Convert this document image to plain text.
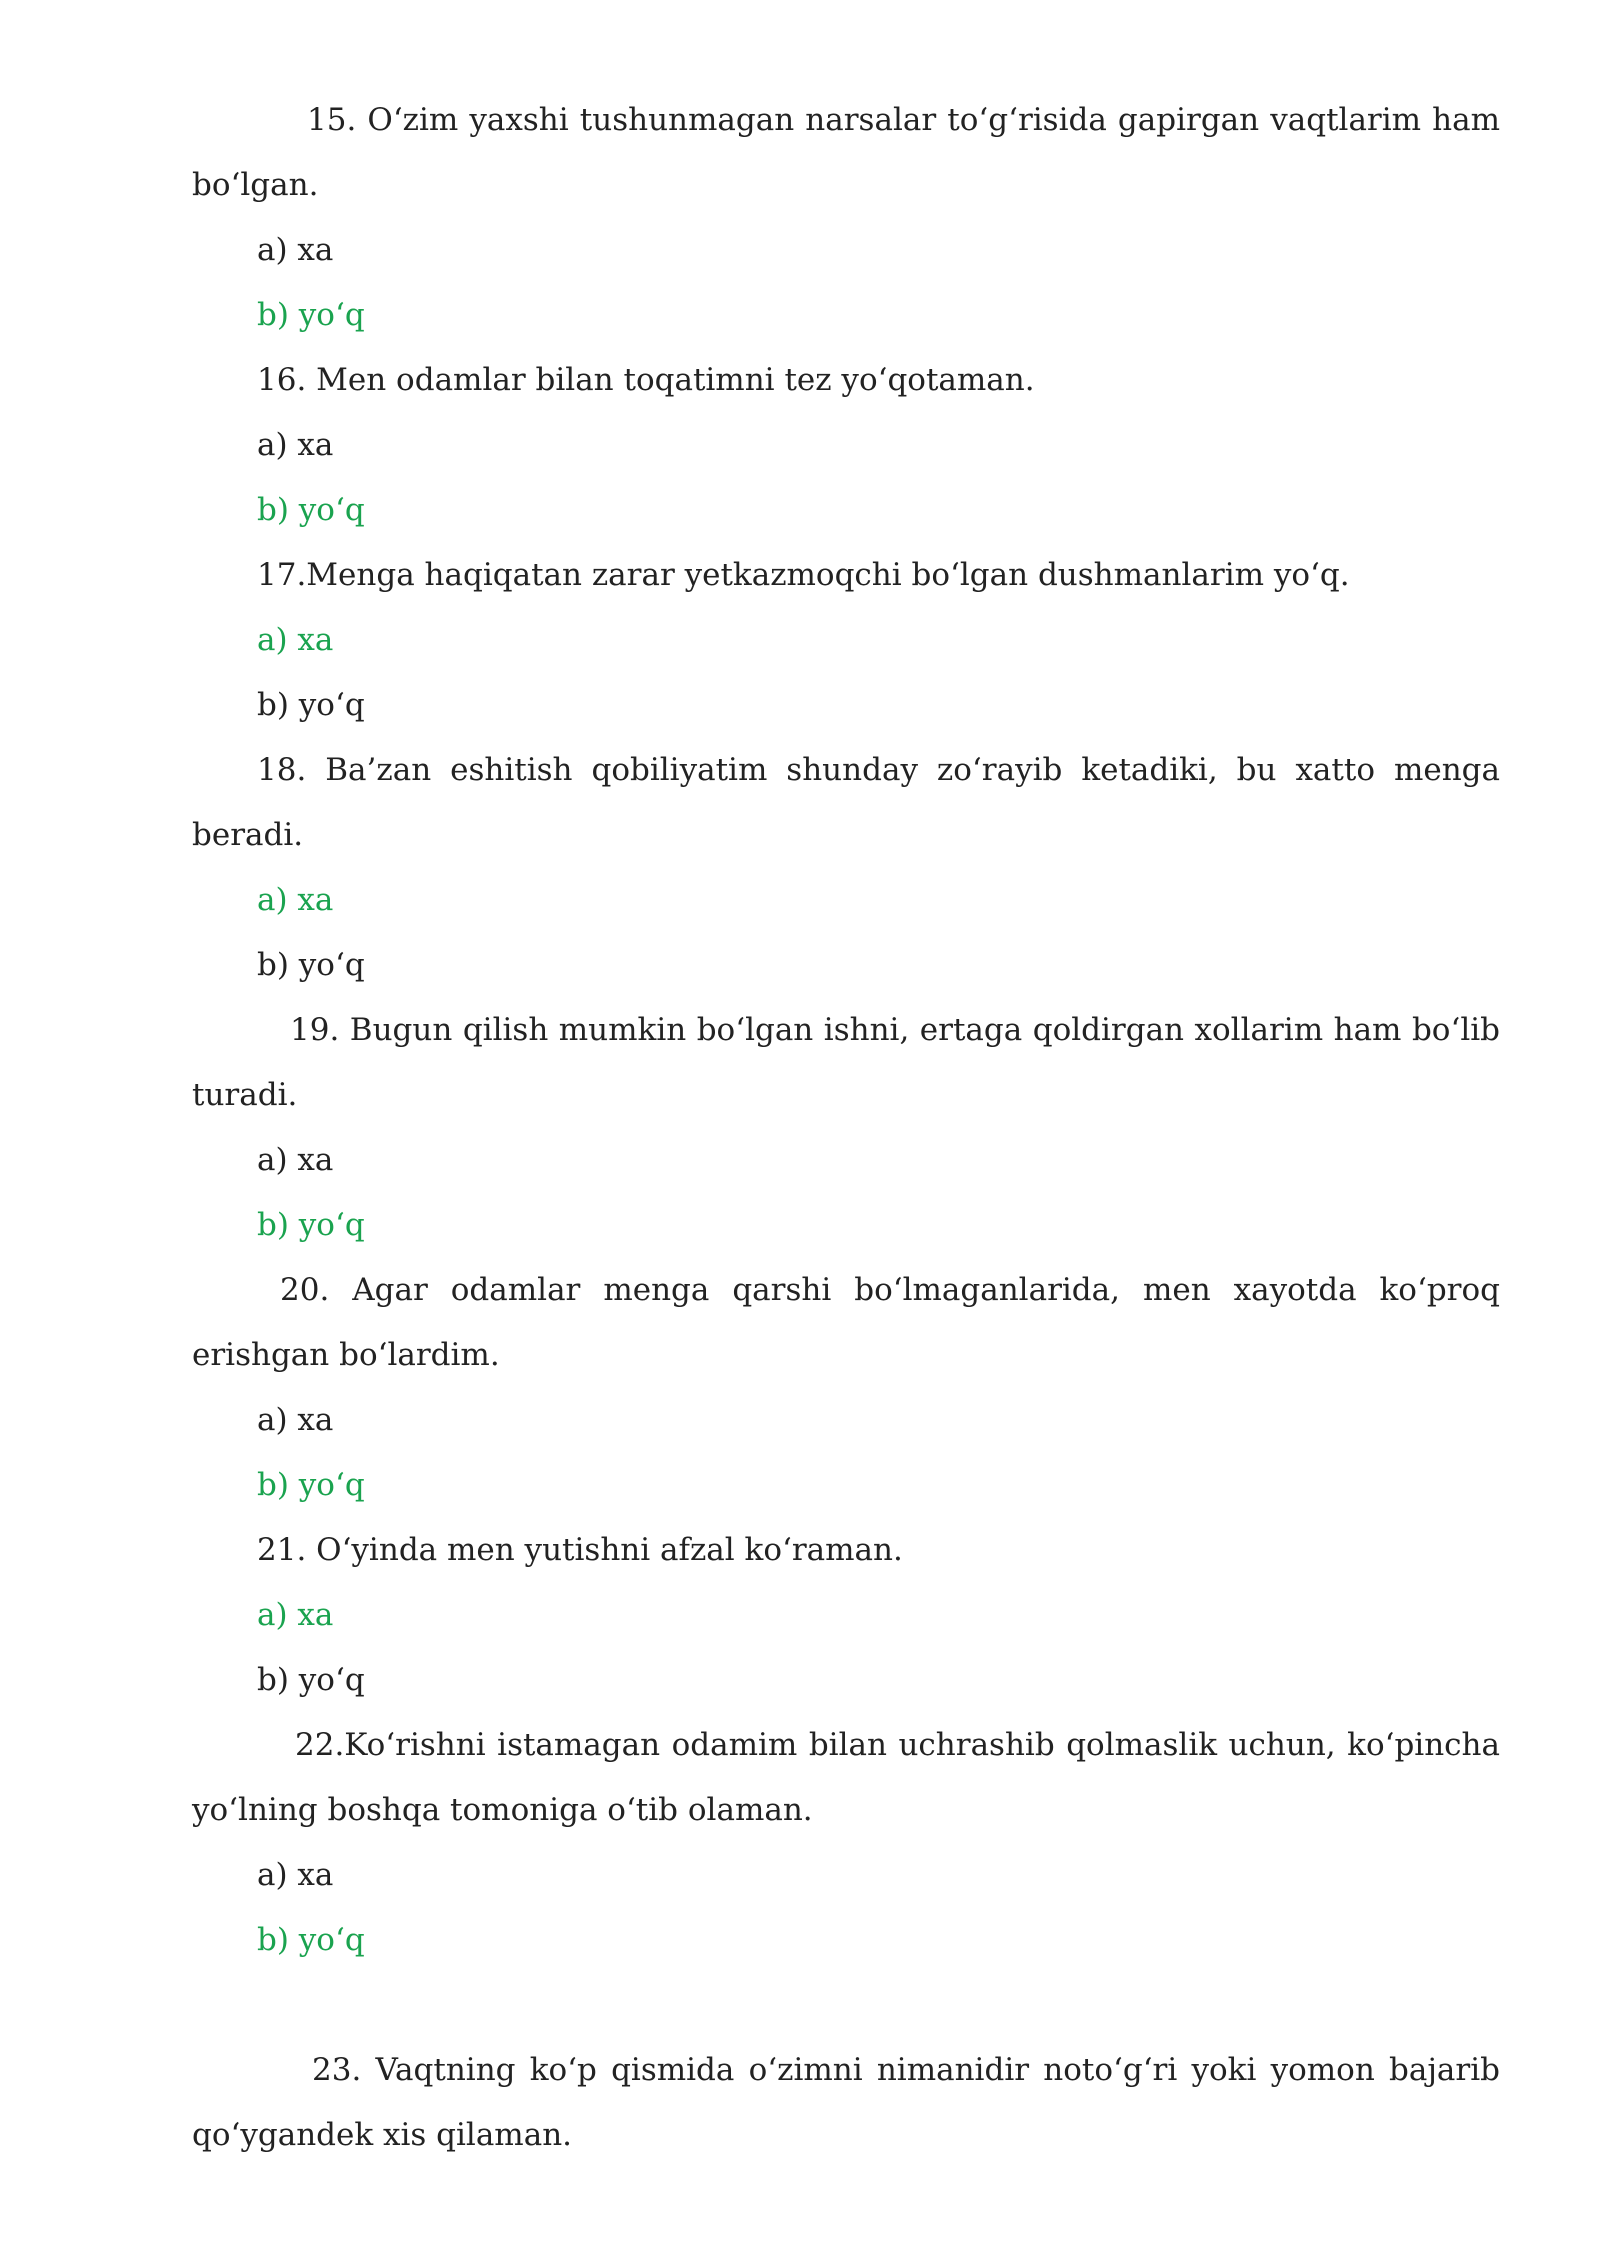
15. O‘zim yaxshi tushunmagan narsalar to‘g‘risida gapirgan vaqtlarim ham
bo‘lgan.
a) xa
b) yo‘q
16. Men odamlar bilan toqatimni tez yo‘qotaman.
a) xa
b) yo‘q
17.Menga haqiqatan zarar yetkazmoqchi bo‘lgan dushmanlarim yo‘q.
a) xa
b) yo‘q
18. Ba’zan eshitish qobiliyatim shunday zo‘rayib ketadiki, bu xatto menga
beradi.
a) xa
b) yo‘q
19. Bugun qilish mumkin bo‘lgan ishni, ertaga qoldirgan xollarim ham bo‘lib
turadi.
a) xa
b) yo‘q
20. Agar odamlar menga qarshi bo‘lmaganlarida, men xayotda ko‘proq
erishgan bo‘lardim.
a) xa
b) yo‘q
21. O‘yinda men yutishni afzal ko‘raman.
a) xa
b) yo‘q
22.Ko‘rishni istamagan odamim bilan uchrashib qolmaslik uchun, ko‘pincha
yo‘lning boshqa tomoniga o‘tib olaman.
a) xa
b) yo‘q
23. Vaqtning ko‘p qismida o‘zimni nimanidir noto‘g‘ri yoki yomon bajarib
qo‘ygandek xis qilaman.
